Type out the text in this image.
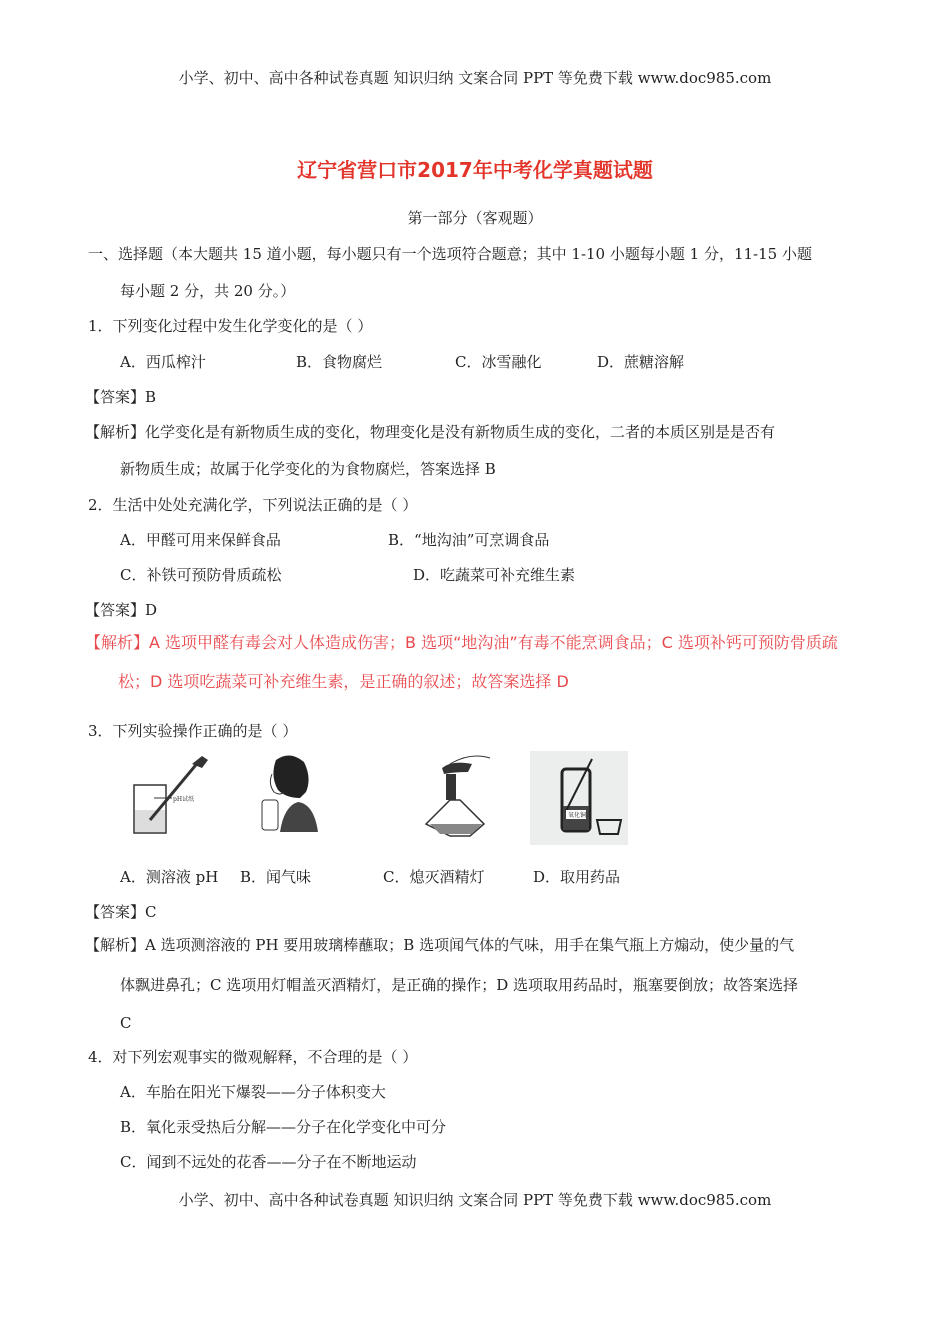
小学、初中、高中各种试卷真题 知识归纳 文案合同 PPT 等免费下载 www.doc985.com
辽宁省营口市2017年中考化学真题试题
第一部分（客观题）
一、选择题（本大题共 15 道小题，每小题只有一个选项符合题意；其中 1-10 小题每小题 1 分，11-15 小题
每小题 2 分，共 20 分。）
1．下列变化过程中发生化学变化的是（ ）
A．西瓜榨汁	B．食物腐烂	C．冰雪融化	D．蔗糖溶解
【答案】B
【解析】化学变化是有新物质生成的变化，物理变化是没有新物质生成的变化，二者的本质区别是是否有
新物质生成；故属于化学变化的为食物腐烂，答案选择 B
2．生活中处处充满化学，下列说法正确的是（ ）
A．甲醛可用来保鲜食品	B．“地沟油”可烹调食品
C．补铁可预防骨质疏松	D．吃蔬菜可补充维生素
【答案】D
【解析】A 选项甲醛有毒会对人体造成伤害；B 选项“地沟油”有毒不能烹调食品；C 选项补钙可预防骨质疏
松；D 选项吃蔬菜可补充维生素，是正确的叙述；故答案选择 D
3．下列实验操作正确的是（ ）
pH试纸
氧化铜
A．测溶液 pH B．闻气味	C．熄灭酒精灯	D．取用药品
【答案】C
【解析】A 选项测溶液的 PH 要用玻璃棒蘸取；B 选项闻气体的气味，用手在集气瓶上方煽动，使少量的气
体飘进鼻孔；C 选项用灯帽盖灭酒精灯，是正确的操作；D 选项取用药品时，瓶塞要倒放；故答案选择
C
4．对下列宏观事实的微观解释，不合理的是（ ）
A．车胎在阳光下爆裂——分子体积变大
B．氧化汞受热后分解——分子在化学变化中可分
C．闻到不远处的花香——分子在不断地运动
小学、初中、高中各种试卷真题 知识归纳 文案合同 PPT 等免费下载 www.doc985.com
